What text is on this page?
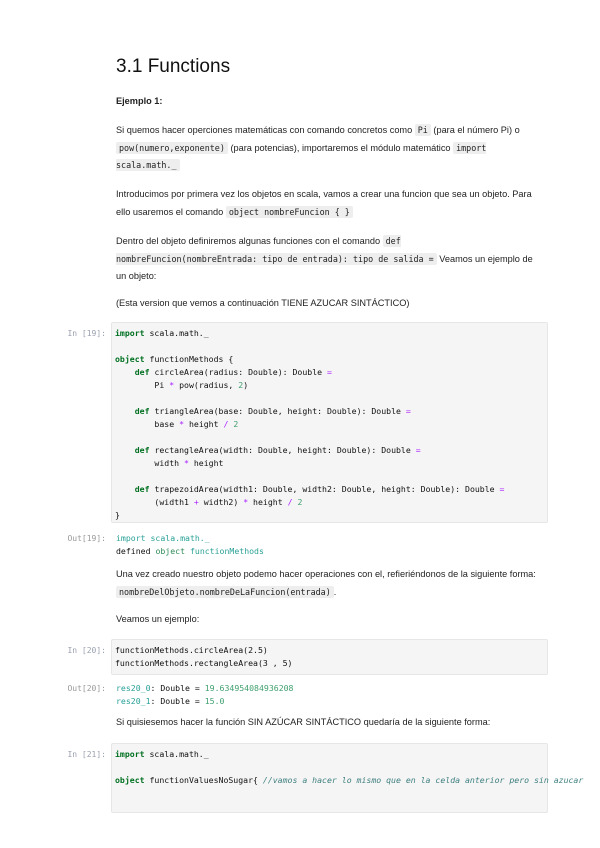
3.1 Functions
Ejemplo 1:
Si quemos hacer operciones matemáticas con comando concretos como Pi (para el número Pi) o pow(numero,exponente) (para potencias), importaremos el módulo matemático import scala.math._
Introducimos por primera vez los objetos en scala, vamos a crear una funcion que sea un objeto. Para ello usaremos el comando object nombreFuncion { }
Dentro del objeto definiremos algunas funciones con el comando def nombreFuncion(nombreEntrada: tipo de entrada): tipo de salida = Veamos un ejemplo de un objeto:
(Esta version que vemos a continuación TIENE AZUCAR SINTÁCTICO)
In [19]:	import scala.math._

object functionMethods {
def circleArea(radius: Double): Double =
Pi * pow(radius, 2)

def triangleArea(base: Double, height: Double): Double =
base * height / 2

def rectangleArea(width: Double, height: Double): Double =
width * height

def trapezoidArea(width1: Double, width2: Double, height: Double): Double =
(width1 + width2) * height / 2
}
Out[19]: import scala.math._
defined object functionMethods
Una vez creado nuestro objeto podemo hacer operaciones con el, refieriéndonos de la siguiente forma: nombreDelObjeto.nombreDeLaFuncion(entrada) .
Veamos un ejemplo:
In [20]:	functionMethods.circleArea(2.5)
functionMethods.rectangleArea(3 , 5)
Out[20]: res20_0: Double = 19.634954084936208
res20_1: Double = 15.0
Si quisiesemos hacer la función SIN AZÚCAR SINTÁCTICO quedaría de la siguiente forma:
In [21]:	import scala.math._

object functionValuesNoSugar{ //vamos a hacer lo mismo que en la celda anterior pero sin azucar
